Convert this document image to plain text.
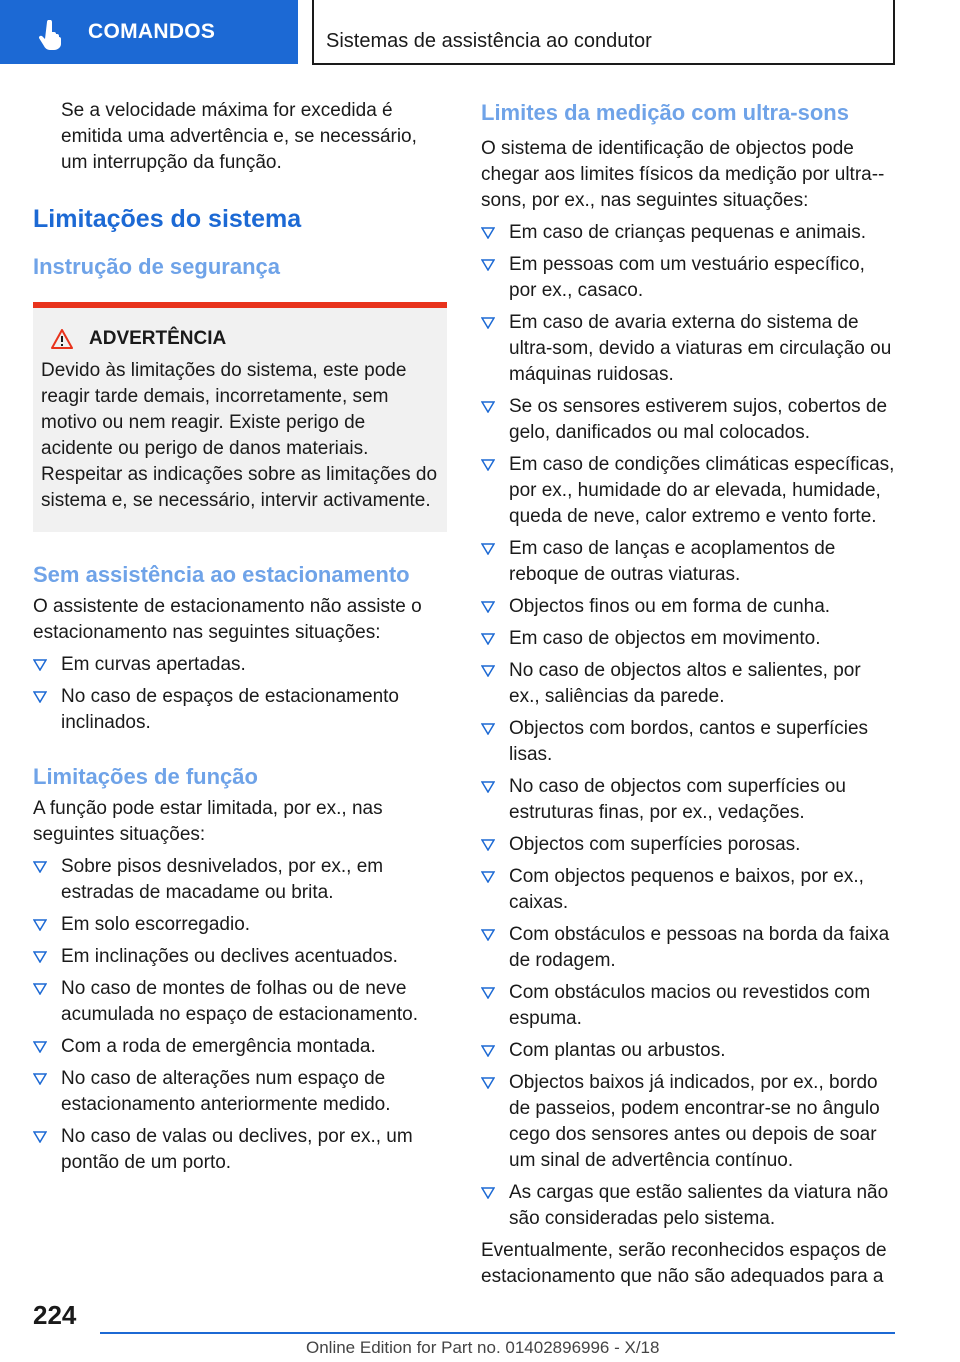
COMANDOS	Sistemas de assistência ao condutor

Se a velocidade máxima for excedida é emitida uma advertência e, se necessário, um interrupção da função.

Limitações do sistema
Instrução de segurança
ADVERTÊNCIA

Devido às limitações do sistema, este pode reagir tarde demais, incorretamente, sem motivo ou nem reagir. Existe perigo de acidente ou perigo de danos materiais. Respeitar as indicações sobre as limitações do sistema e, se necessário, intervir activamente.

Sem assistência ao estacionamento

O assistente de estacionamento não assiste o estacionamento nas seguintes situações:

Em curvas apertadas.
No caso de espaços de estacionamento inclinados.
Limitações de função

A função pode estar limitada, por ex., nas seguintes situações:

Sobre pisos desnivelados, por ex., em estradas de macadame ou brita.
Em solo escorregadio.
Em inclinações ou declives acentuados.
No caso de montes de folhas ou de neve acumulada no espaço de estacionamento.
Com a roda de emergência montada.
No caso de alterações num espaço de estacionamento anteriormente medido.
No caso de valas ou declives, por ex., um pontão de um porto.
Limites da medição com ultra-sons

O sistema de identificação de objectos pode chegar aos limites físicos da medição por ultra--sons, por ex., nas seguintes situações:

Em caso de crianças pequenas e animais.
Em pessoas com um vestuário específico, por ex., casaco.
Em caso de avaria externa do sistema de ultra-som, devido a viaturas em circulação ou máquinas ruidosas.
Se os sensores estiverem sujos, cobertos de gelo, danificados ou mal colocados.
Em caso de condições climáticas específicas, por ex., humidade do ar elevada, humidade, queda de neve, calor extremo e vento forte.
Em caso de lanças e acoplamentos de reboque de outras viaturas.
Objectos finos ou em forma de cunha.
Em caso de objectos em movimento.
No caso de objectos altos e salientes, por ex., saliências da parede.
Objectos com bordos, cantos e superfícies lisas.
No caso de objectos com superfícies ou estruturas finas, por ex., vedações.
Objectos com superfícies porosas.
Com objectos pequenos e baixos, por ex., caixas.
Com obstáculos e pessoas na borda da faixa de rodagem.
Com obstáculos macios ou revestidos com espuma.
Com plantas ou arbustos.
Objectos baixos já indicados, por ex., bordo de passeios, podem encontrar-se no ângulo cego dos sensores antes ou depois de soar um sinal de advertência contínuo.
As cargas que estão salientes da viatura não são consideradas pelo sistema.

Eventualmente, serão reconhecidos espaços de estacionamento que não são adequados para a

224
Online Edition for Part no. 01402896996 - X/18
